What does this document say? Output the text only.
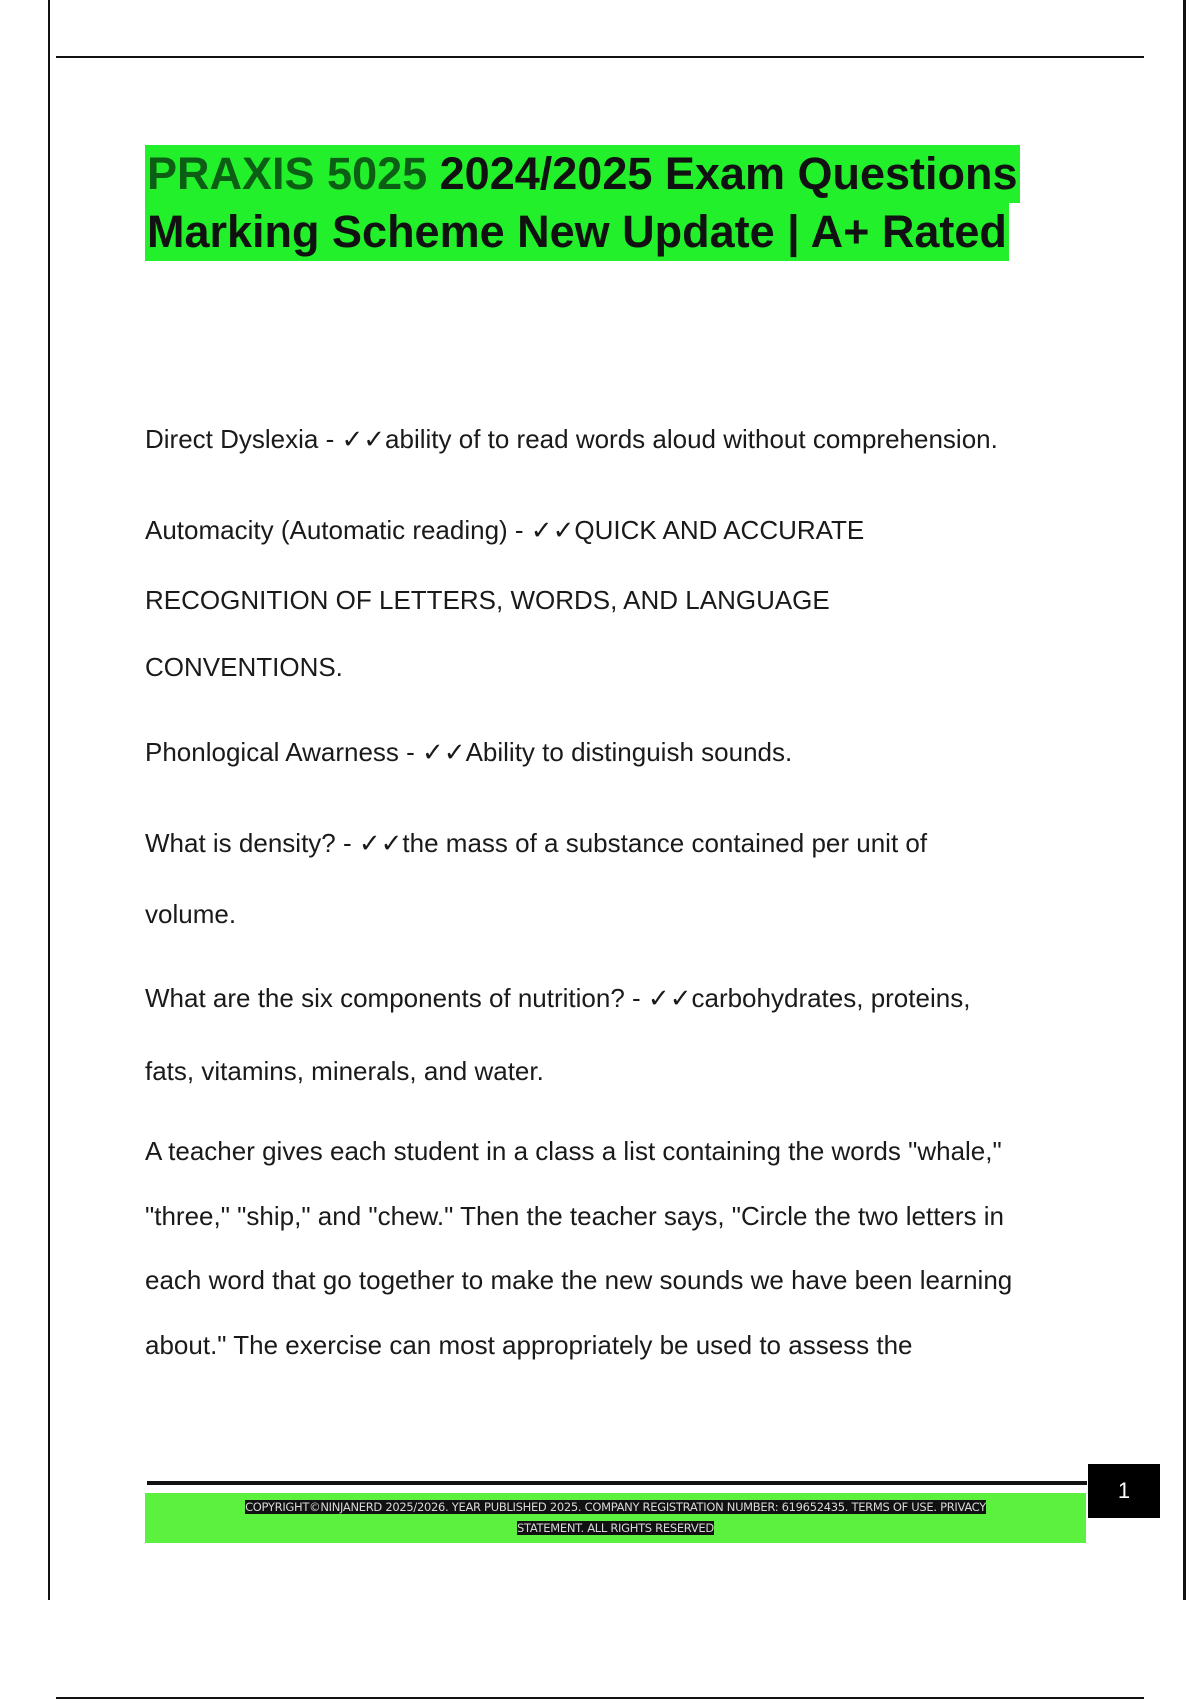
PRAXIS 5025 2024/2025 Exam Questions
Marking Scheme New Update | A+ Rated
Direct Dyslexia - ✓✓ability of to read words aloud without comprehension.
Automacity (Automatic reading) - ✓✓QUICK AND ACCURATE
RECOGNITION OF LETTERS, WORDS, AND LANGUAGE
CONVENTIONS.
Phonlogical Awarness - ✓✓Ability to distinguish sounds.
What is density? - ✓✓the mass of a substance contained per unit of
volume.
What are the six components of nutrition? - ✓✓carbohydrates, proteins,
fats, vitamins, minerals, and water.
A teacher gives each student in a class a list containing the words "whale,"
"three," "ship," and "chew." Then the teacher says, "Circle the two letters in
each word that go together to make the new sounds we have been learning
about." The exercise can most appropriately be used to assess the
1
COPYRIGHT©NINJANERD 2025/2026. YEAR PUBLISHED 2025. COMPANY REGISTRATION NUMBER: 619652435. TERMS OF USE. PRIVACY
STATEMENT. ALL RIGHTS RESERVED
